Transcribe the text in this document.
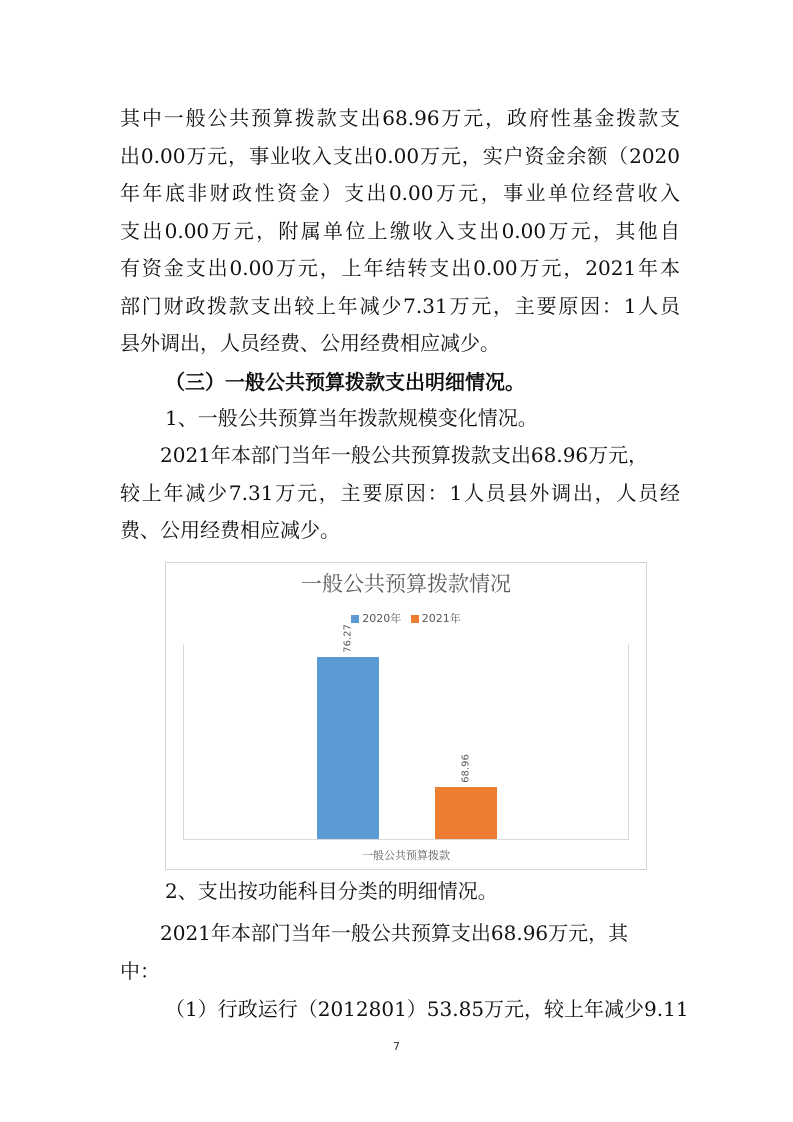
其中一般公共预算拨款支出68.96万元，政府性基金拨款支
出0.00万元，事业收入支出0.00万元，实户资金余额（2020
年年底非财政性资金）支出0.00万元，事业单位经营收入
支出0.00万元，附属单位上缴收入支出0.00万元，其他自
有资金支出0.00万元，上年结转支出0.00万元，2021年本
部门财政拨款支出较上年减少7.31万元，主要原因：1人员
县外调出，人员经费、公用经费相应减少。

（三）一般公共预算拨款支出明细情况。

1、一般公共预算当年拨款规模变化情况。

2021年本部门当年一般公共预算拨款支出68.96万元，
较上年减少7.31万元，主要原因：1人员县外调出，人员经
费、公用经费相应减少。

一般公共预算拨款情况
2020年 2021年
76.27
68.96
一般公共预算拨款

2、支出按功能科目分类的明细情况。

2021年本部门当年一般公共预算支出68.96万元，其
中：

（1）行政运行（2012801）53.85万元，较上年减少9.11

7
